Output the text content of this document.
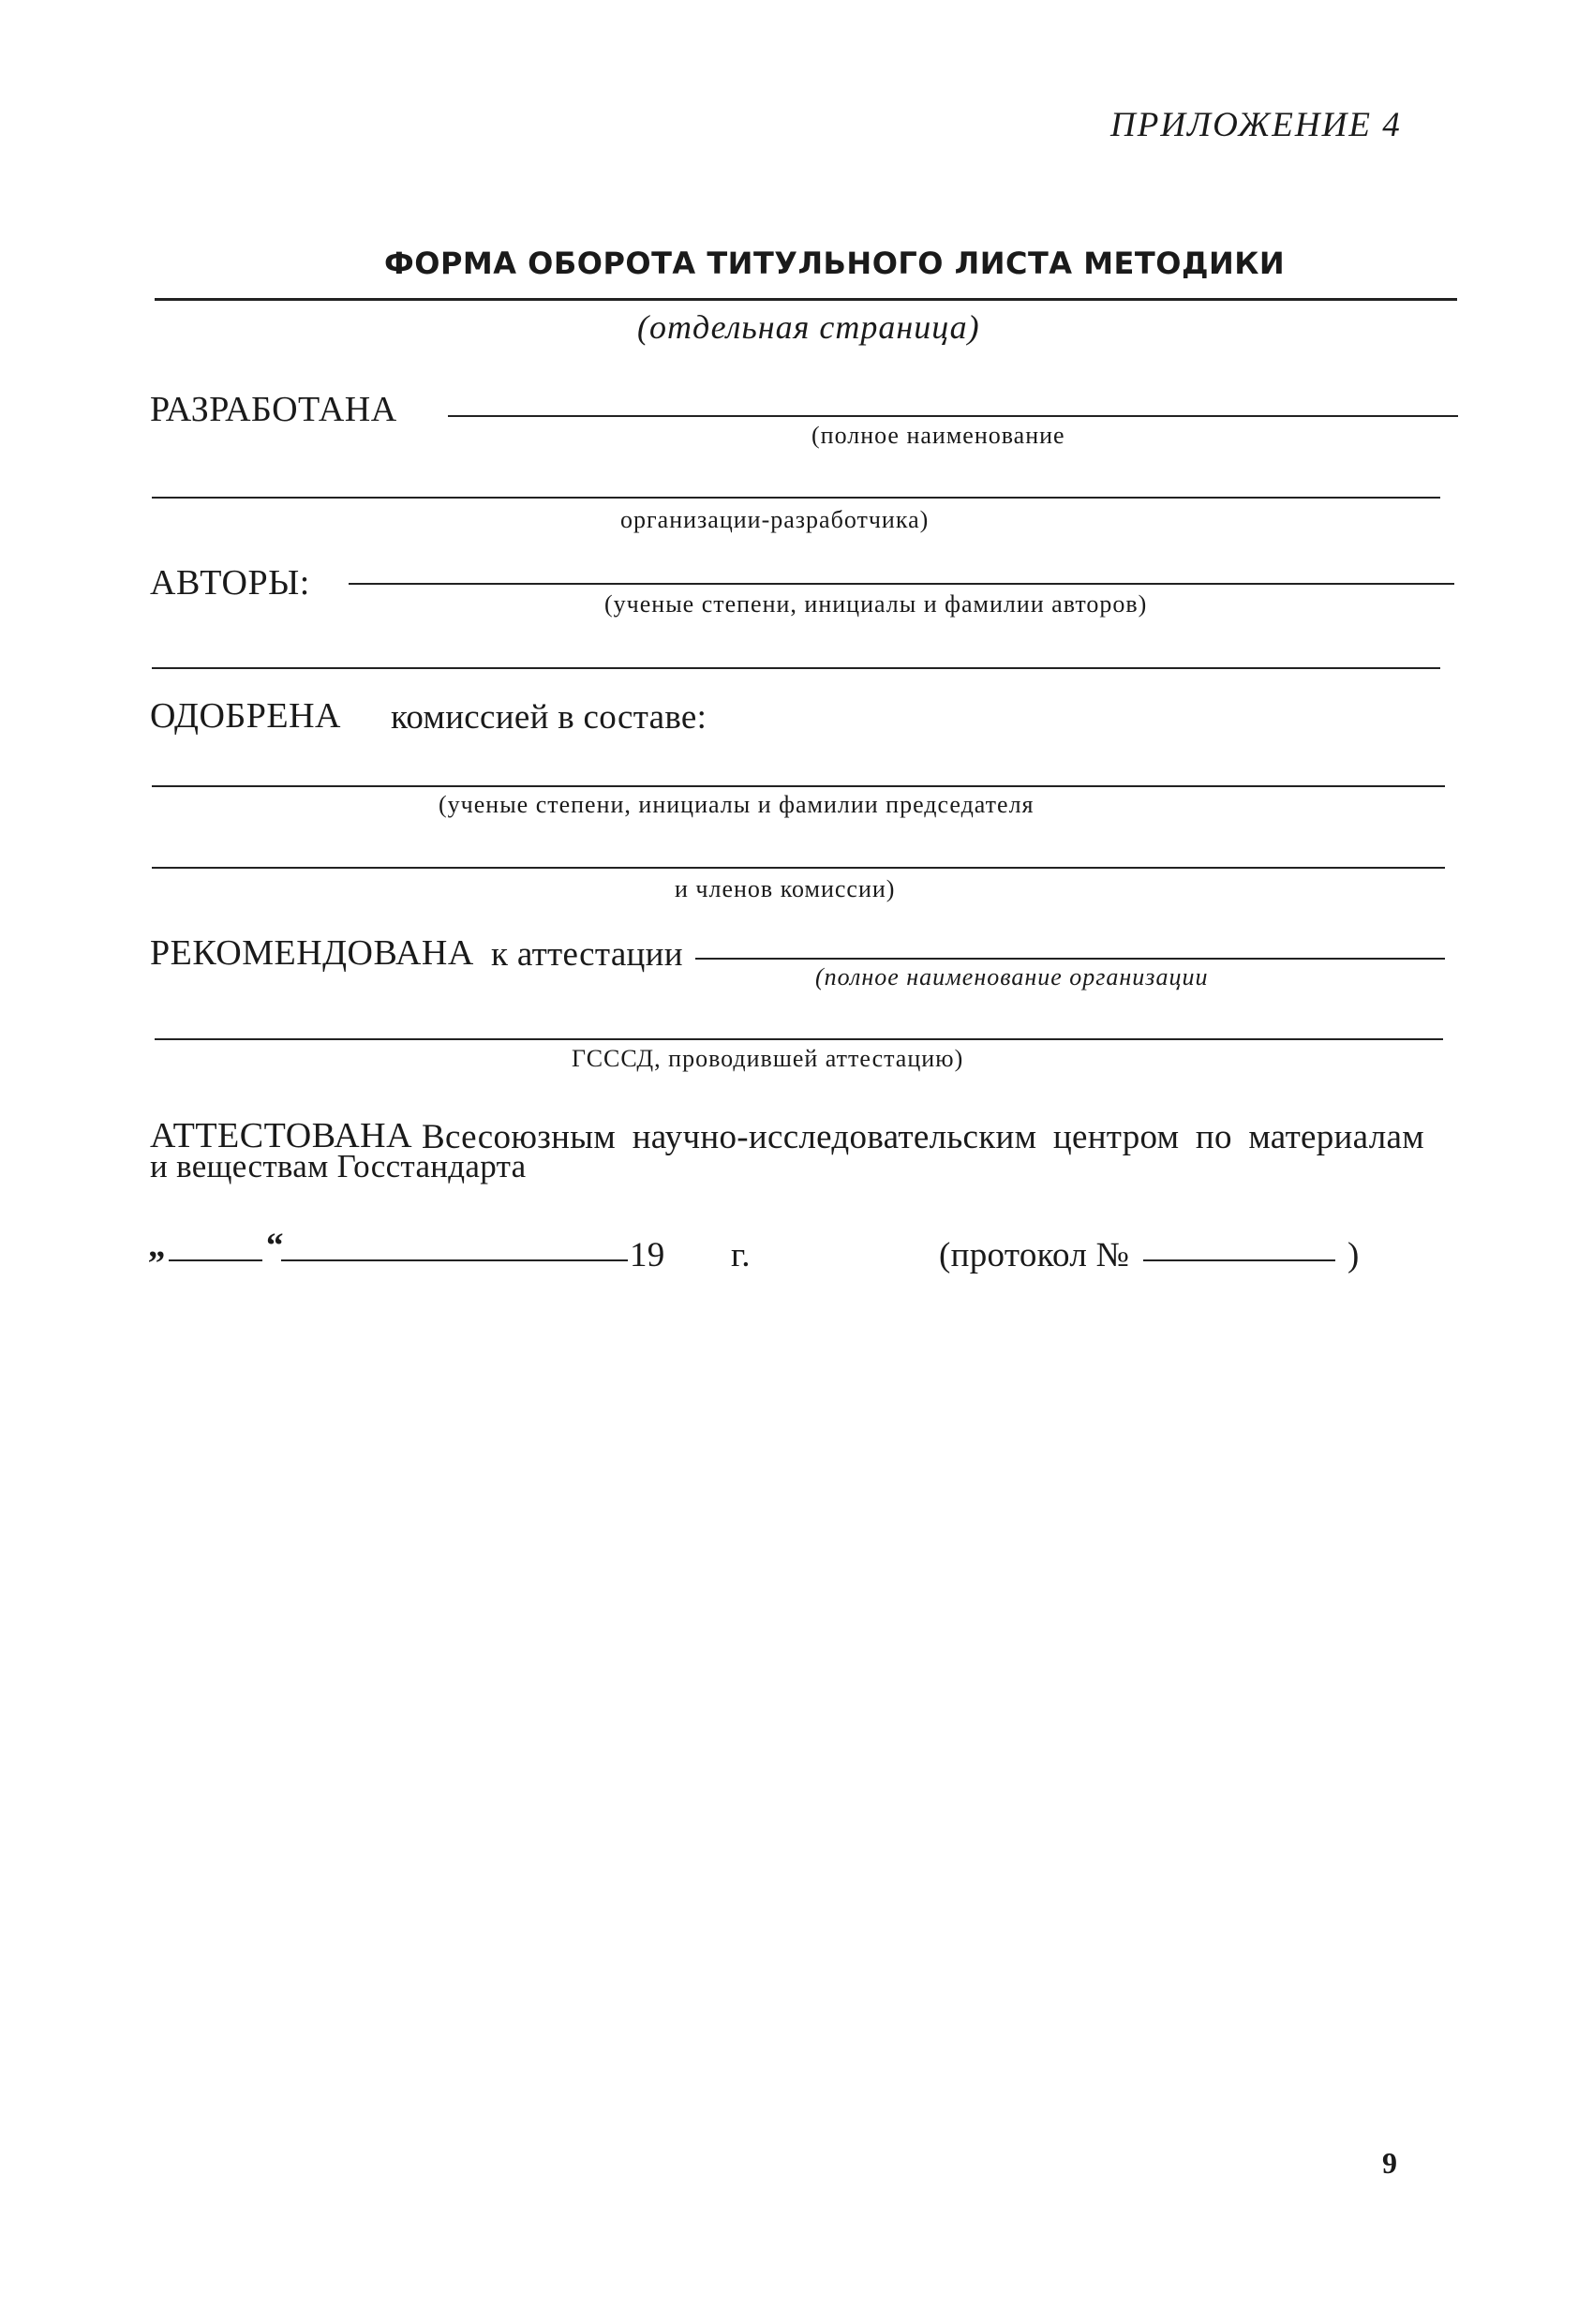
ПРИЛОЖЕНИЕ 4
ФОРМА ОБОРОТА ТИТУЛЬНОГО ЛИСТА МЕТОДИКИ
(отдельная страница)
РАЗРАБОТАНА
(полное наименование
организации-разработчика)
АВТОРЫ:
(ученые степени, инициалы и фамилии авторов)
ОДОБРЕНА комиссией в составе:
(ученые степени, инициалы и фамилии председателя
и членов комиссии)
РЕКОМЕНДОВАНА к аттестации
(полное наименование организации
ГСССД, проводившей аттестацию)
АТТЕСТОВАНА Всесоюзным научно-исследовательским центром по материалам
и веществам Госстандарта
„	“	19 г.	(протокол №	)
9
